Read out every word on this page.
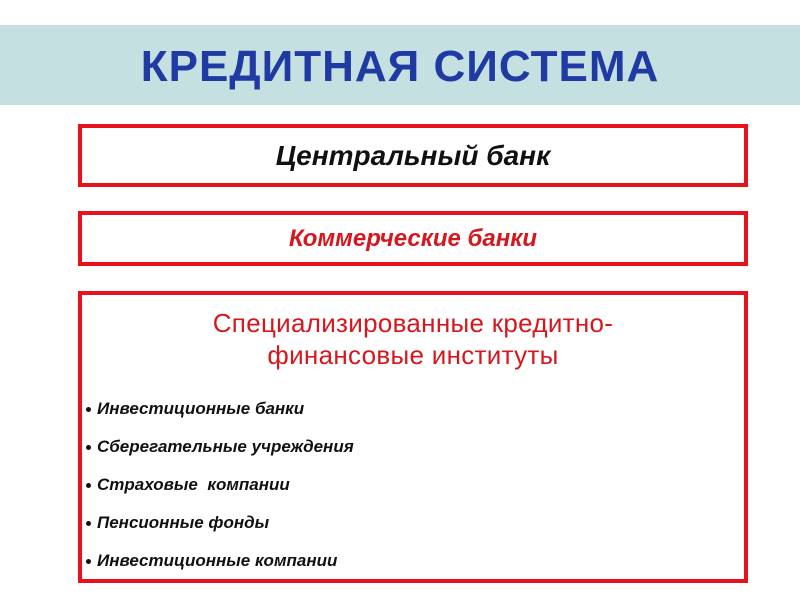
КРЕДИТНАЯ СИСТЕМА
Центральный банк
Коммерческие банки
Специализированные кредитно-
финансовые институты
Инвестиционные банки
Сберегательные учреждения
Страховые  компании
Пенсионные фонды
Инвестиционные компании
